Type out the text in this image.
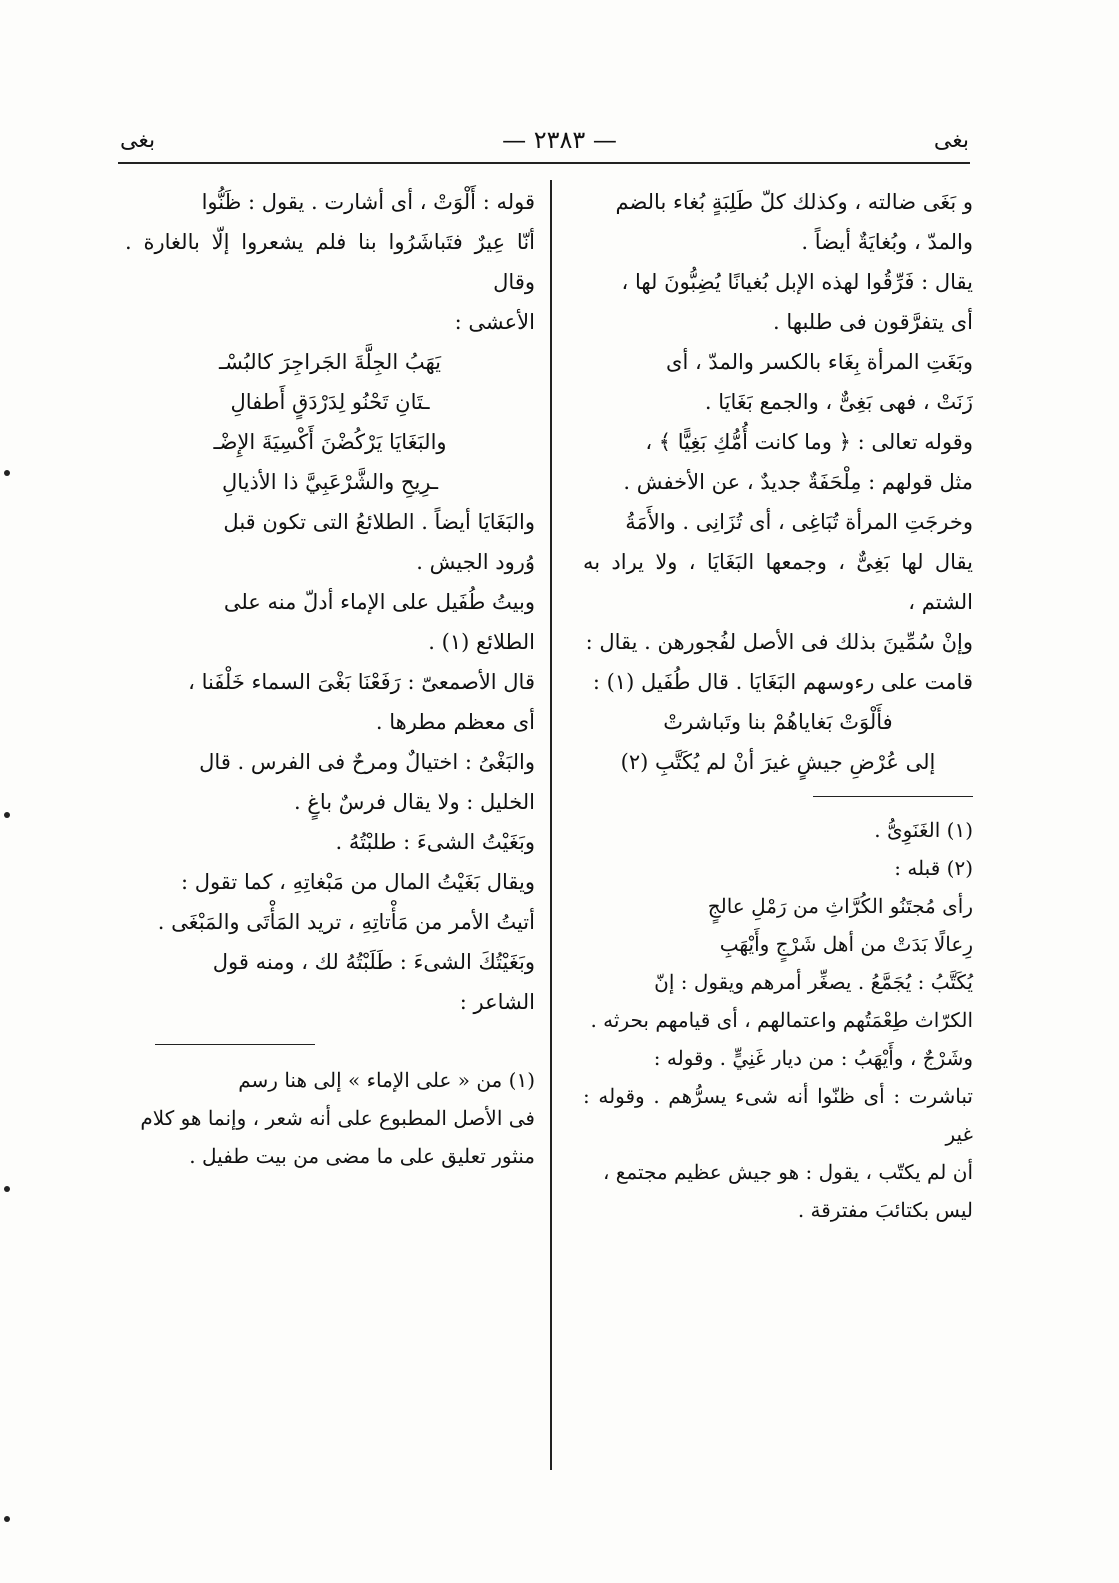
بغى
— ٢٣٨٣ —
بغى

و بَغَى ضالته ، وكذلك كلّ طَلِبَةٍ بُغاء بالضم

والمدّ ، وبُغايَةٌ أيضاً .

يقال : فَرِّقُوا لهذه الإبل بُغيانًا يُضِبُّونَ لها ،

أى يتفرَّقون فى طلبها .

وبَغَتِ المرأة بِغَاء بالكسر والمدّ ، أى

زَنَتْ ، فهى بَغِىٌّ ، والجمع بَغَايَا .

وقوله تعالى : ﴿ وما كانت أُمُّكِ بَغِيًّا ﴾ ،

مثل قولهم : مِلْحَفَةٌ جديدٌ ، عن الأخفش .

وخرجَتِ المرأة تُبَاغِى ، أى تُزَانِى . والأَمَةُ

يقال لها بَغِىٌّ ، وجمعها البَغَايَا ، ولا يراد به الشتم ،

وإنْ سُمِّينَ بذلك فى الأصل لفُجورهن . يقال :

قامت على رءوسهم البَغَايَا . قال طُفَيل (١) :

فأَلْوَتْ بَغاياهُمْ بنا وتَباشرتْ

إلى عُرْضِ جيشٍ غيرَ أنْ لم يُكَتَّبِ (٢)

(١) الغَنَوِىُّ .

(٢) قبله :

رأى مُجتَنُو الكُرَّاثِ من رَمْلِ عالجٍ

رِعالًا بَدَتْ من أهل شَرْجٍ وأَيْهَبِ

يُكَتَّبُ : يُجَمَّعُ . يصغِّر أمرهم ويقول : إنّ

الكرّاث طِعْمَتُهم واعتمالهم ، أى قيامهم بحرثه .

وشَرْجٌ ، وأَيْهَبُ : من ديار غَنِيٍّ . وقوله :

تباشرت : أى ظنّوا أنه شىء يسرُّهم . وقوله : غير

أن لم يكتّب ، يقول : هو جيش عظيم مجتمع ،

ليس بكتائبَ مفترقة .

قوله : أَلْوَتْ ، أى أشارت . يقول : ظَنُّوا

أنّا عِيرٌ فتَباشَرُوا بنا فلم يشعروا إلّا بالغارة . وقال

الأعشى :

يَهَبُ الجِلَّةَ الجَراجِرَ كالبُسْـ

ـتَانِ تَحْنُو لِدَرْدَقٍ أَطفالِ

والبَغَايَا يَرْكُضْنَ أَكْسِيَةَ الإِضْـ

ـرِيحِ والشَّرْعَبِيَّ ذا الأذيالِ

والبَغَايَا أيضاً . الطلائعُ التى تكون قبل

وُرود الجيش .

وبيتُ طُفَيل على الإماء أدلّ منه على

الطلائع (١) .

قال الأصمعىّ : رَفَعْنَا بَغْىَ السماء خَلْفَنا ،

أى معظم مطرها .

والبَغْىُ : اختيالٌ ومرحٌ فى الفرس . قال

الخليل : ولا يقال فرسٌ باغٍ .

وبَغَيْتُ الشىءَ : طلبْتُهُ .

ويقال بَغَيْتُ المال من مَبْغاتِهِ ، كما تقول :

أتيتُ الأمر من مَأْتاتِهِ ، تريد المَأْتَى والمَبْغَى .

وبَغَيْتُكَ الشىءَ : طَلَبْتُهُ لك ، ومنه قول

الشاعر :

(١) من « على الإماء » إلى هنا رسم

فى الأصل المطبوع على أنه شعر ، وإنما هو كلام

منثور تعليق على ما مضى من بيت طفيل .
